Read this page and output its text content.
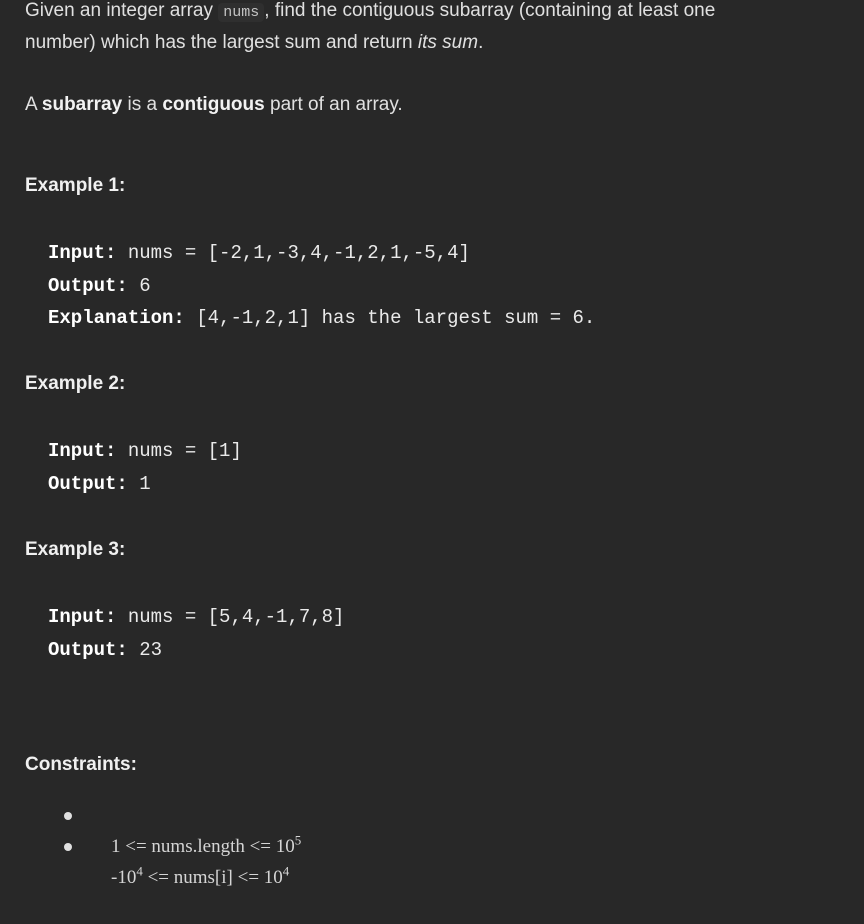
Given an integer array nums , find the contiguous subarray (containing at least one
number) which has the largest sum and return its sum.

A subarray is a contiguous part of an array.

Example 1:
Input: nums = [-2,1,-3,4,-1,2,1,-5,4]
Output: 6
Explanation: [4,-1,2,1] has the largest sum = 6.
Example 2:
Input: nums = [1]
Output: 1
Example 3:
Input: nums = [5,4,-1,7,8]
Output: 23
Constraints:

1 <= nums.length <= $10^5$

$-10^4$ <= nums[i] <= $10^4$
